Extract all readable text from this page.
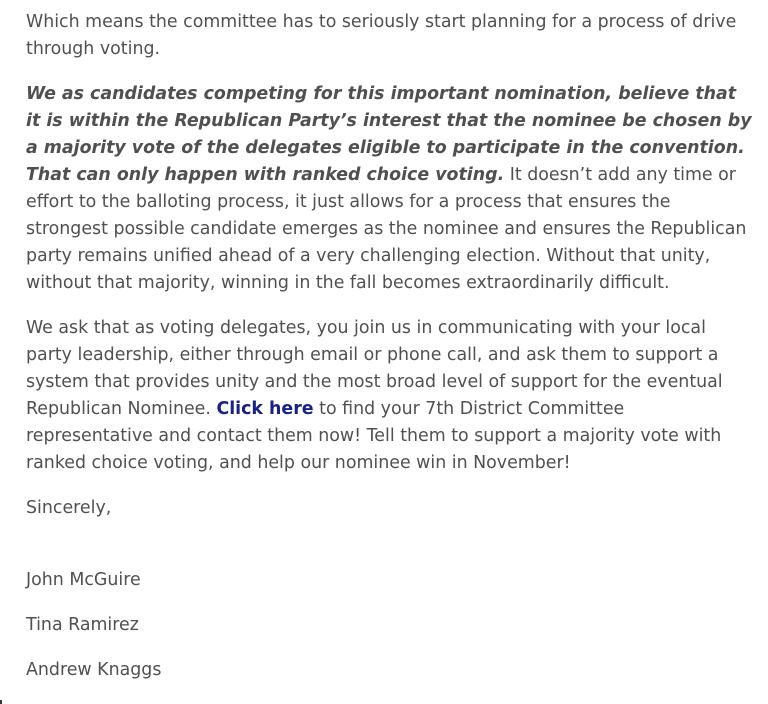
Which means the committee has to seriously start planning for a process of drive through voting.

We as candidates competing for this important nomination, believe that it is within the Republican Party’s interest that the nominee be chosen by a majority vote of the delegates eligible to participate in the convention. That can only happen with ranked choice voting. It doesn’t add any time or effort to the balloting process, it just allows for a process that ensures the strongest possible candidate emerges as the nominee and ensures the Republican party remains unified ahead of a very challenging election. Without that unity, without that majority, winning in the fall becomes extraordinarily difficult.

We ask that as voting delegates, you join us in communicating with your local party leadership, either through email or phone call, and ask them to support a system that provides unity and the most broad level of support for the eventual Republican Nominee. Click here to find your 7th District Committee representative and contact them now! Tell them to support a majority vote with ranked choice voting, and help our nominee win in November!

Sincerely,

John McGuire

Tina Ramirez

Andrew Knaggs
